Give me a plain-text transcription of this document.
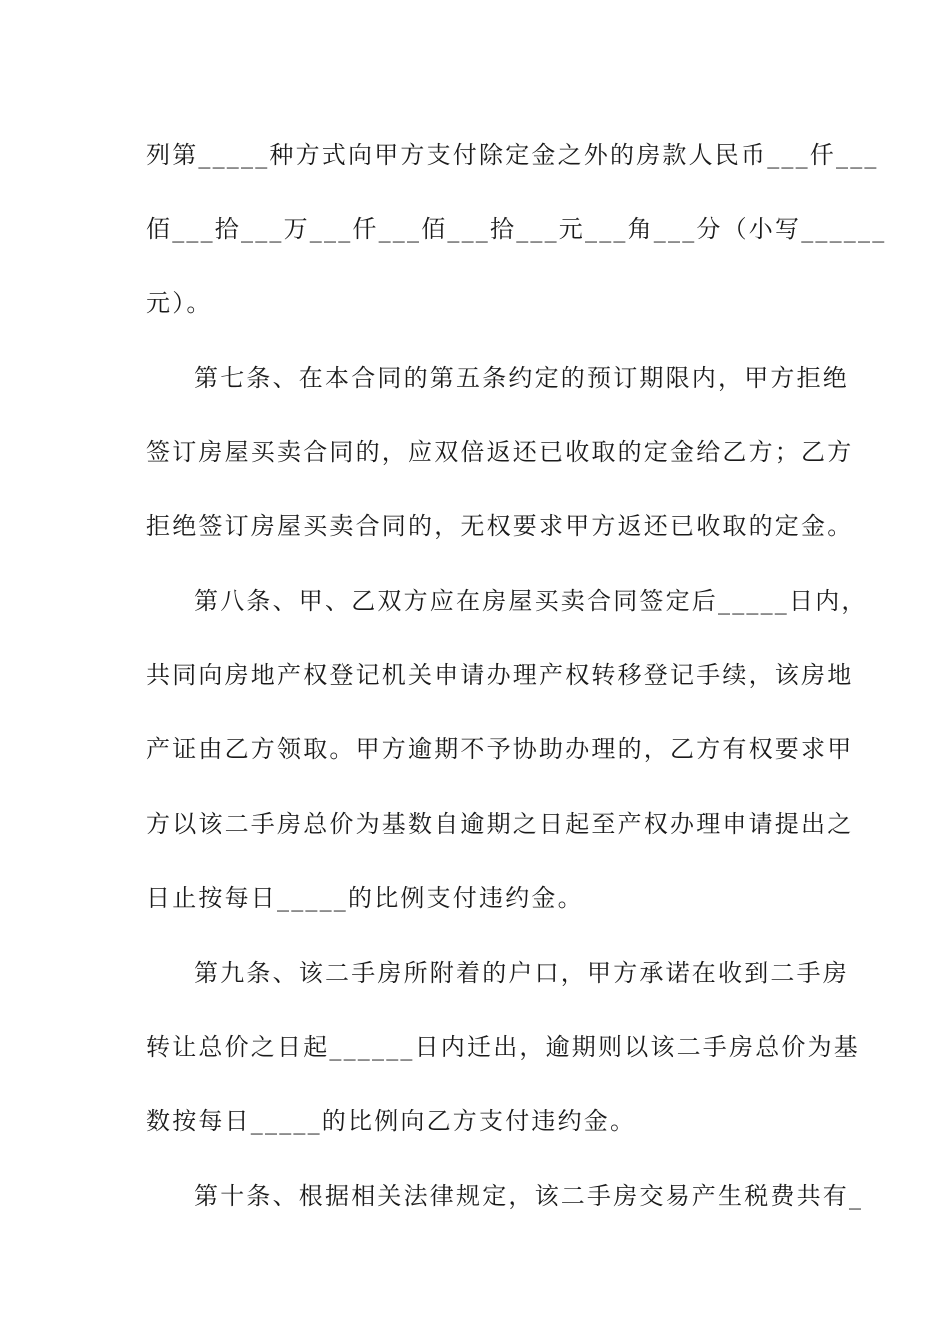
列第_____种方式向甲方支付除定金之外的房款人民币___仟___
佰___拾___万___仟___佰___拾___元___角___分（小写______
元）。
第七条、在本合同的第五条约定的预订期限内，甲方拒绝
签订房屋买卖合同的，应双倍返还已收取的定金给乙方；乙方
拒绝签订房屋买卖合同的，无权要求甲方返还已收取的定金。
第八条、甲、乙双方应在房屋买卖合同签定后_____日内，
共同向房地产权登记机关申请办理产权转移登记手续，该房地
产证由乙方领取。甲方逾期不予协助办理的，乙方有权要求甲
方以该二手房总价为基数自逾期之日起至产权办理申请提出之
日止按每日_____的比例支付违约金。
第九条、该二手房所附着的户口，甲方承诺在收到二手房
转让总价之日起______日内迁出，逾期则以该二手房总价为基
数按每日_____的比例向乙方支付违约金。
第十条、根据相关法律规定，该二手房交易产生税费共有_
